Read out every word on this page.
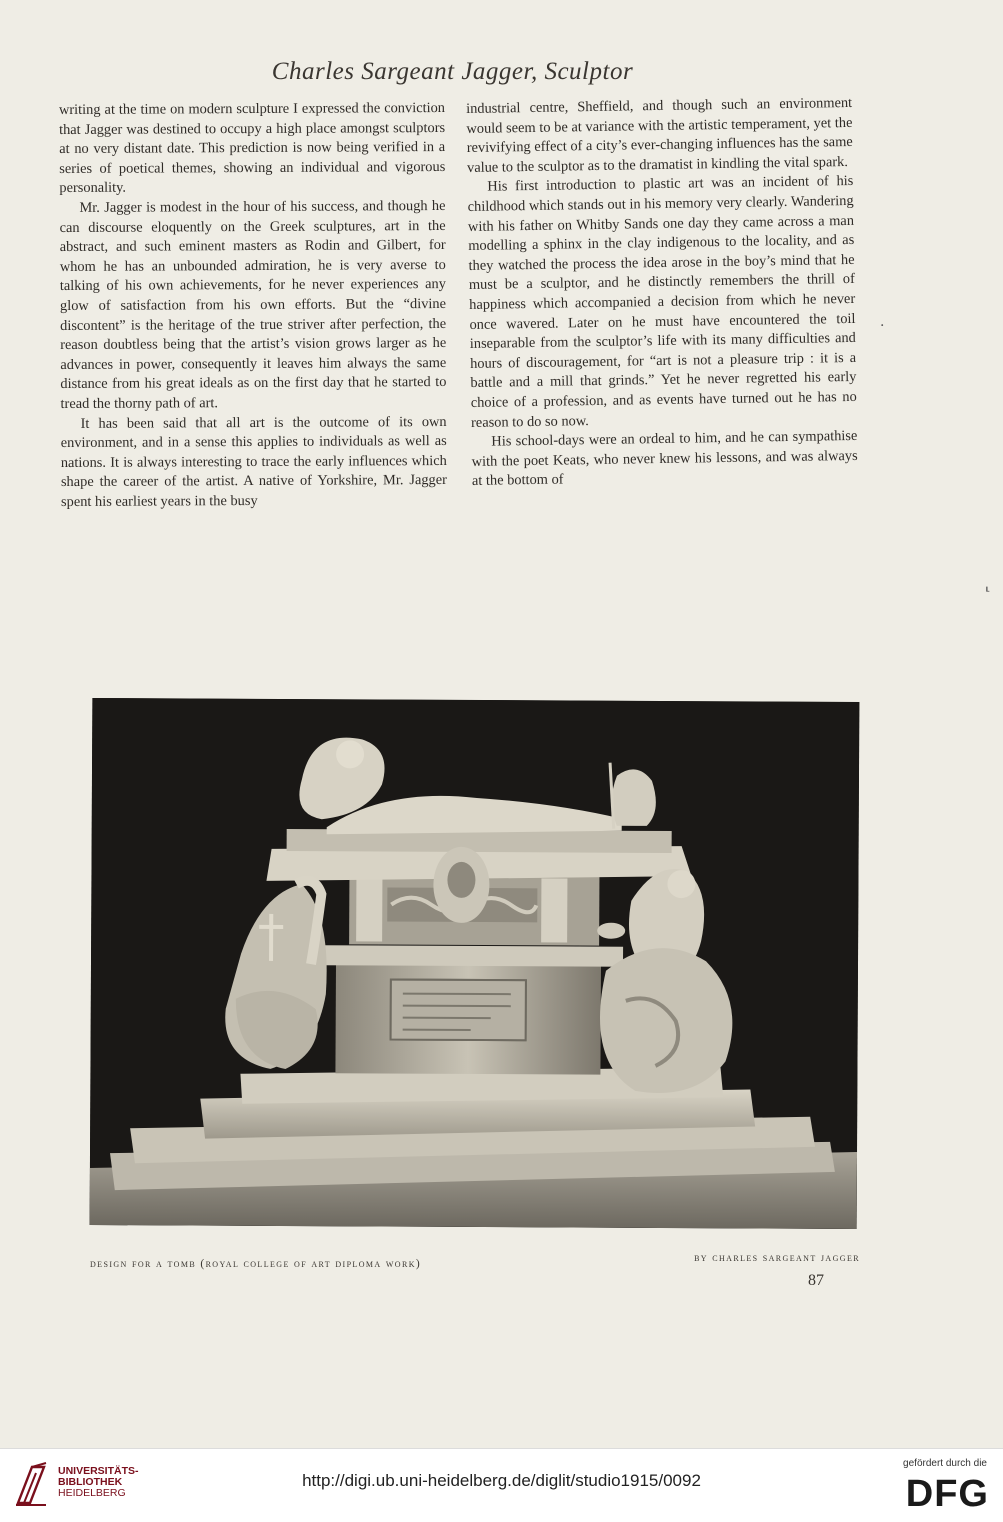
Charles Sargeant Jagger, Sculptor

writing at the time on modern sculpture I expressed the conviction that Jagger was destined to occupy a high place amongst sculptors at no very distant date. This prediction is now being verified in a series of poetical themes, showing an individual and vigorous personality.

Mr. Jagger is modest in the hour of his success, and though he can discourse eloquently on the Greek sculptures, art in the abstract, and such eminent masters as Rodin and Gilbert, for whom he has an unbounded admiration, he is very averse to talking of his own achievements, for he never experiences any glow of satisfaction from his own efforts. But the “divine discontent” is the heritage of the true striver after perfection, the reason doubtless being that the artist’s vision grows larger as he advances in power, consequently it leaves him always the same distance from his great ideals as on the first day that he started to tread the thorny path of art.

It has been said that all art is the outcome of its own environment, and in a sense this applies to individuals as well as nations. It is always interesting to trace the early influences which shape the career of the artist. A native of Yorkshire, Mr. Jagger spent his earliest years in the busy

industrial centre, Sheffield, and though such an environment would seem to be at variance with the artistic temperament, yet the revivifying effect of a city’s ever-changing influences has the same value to the sculptor as to the dramatist in kindling the vital spark.

His first introduction to plastic art was an incident of his childhood which stands out in his memory very clearly. Wandering with his father on Whitby Sands one day they came across a man modelling a sphinx in the clay indigenous to the locality, and as they watched the process the idea arose in the boy’s mind that he must be a sculptor, and he distinctly remembers the thrill of happiness which accompanied a decision from which he never once wavered. Later on he must have encountered the toil inseparable from the sculptor’s life with its many difficulties and hours of discouragement, for “art is not a pleasure trip : it is a battle and a mill that grinds.” Yet he never regretted his early choice of a profession, and as events have turned out he has no reason to do so now.

His school-days were an ordeal to him, and he can sympathise with the poet Keats, who never knew his lessons, and was always at the bottom of

·
⸤
design for a tomb (royal college of art diploma work)	by charles sargeant jagger
87
UNIVERSITÄTS-
BIBLIOTHEK
HEIDELBERG
http://digi.ub.uni-heidelberg.de/diglit/studio1915/0092
gefördert durch die
DFG
